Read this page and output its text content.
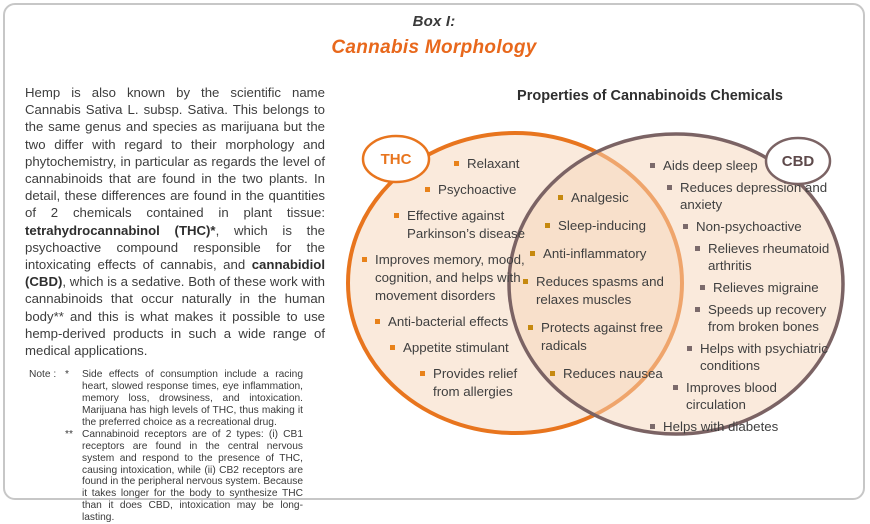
Box I:
Cannabis Morphology

Hemp is also known by the scientific name Cannabis Sativa L. subsp. Sativa. This belongs to the same genus and species as marijuana but the two differ with regard to their morphology and phytochemistry, in particular as regards the level of cannabinoids that are found in the two plants. In detail, these differences are found in the quantities of 2 chemicals contained in plant tissue: tetrahydrocannabinol (THC)*, which is the psychoactive compound responsible for the intoxicating effects of cannabis, and cannabidiol (CBD), which is a sedative. Both of these work with cannabinoids that occur naturally in the human body** and this is what makes it possible to use hemp-derived products in such a wide range of medical applications.

Note : *	Side effects of consumption include a racing heart, slowed response times, eye inflammation, memory loss, drowsiness, and intoxication. Marijuana has high levels of THC, thus making it the preferred choice as a recreational drug.
** Cannabinoid receptors are of 2 types: (i) CB1 receptors are found in the central nervous system and respond to the presence of THC, causing intoxication, while (ii) CB2 receptors are found in the peripheral nervous system. Because it takes longer for the body to synthesize THC than it does CBD, intoxication may be long-lasting.
Properties of Cannabinoids Chemicals
THC	CBD
Relaxant
Psychoactive
Effective against Parkinson’s disease
Improves memory, mood, cognition, and helps with movement disorders
Anti-bacterial effects
Appetite stimulant
Provides relief from allergies
Analgesic
Sleep-inducing
Anti-inflammatory
Reduces spasms and relaxes muscles
Protects against free radicals
Reduces nausea
Aids deep sleep
Reduces depression and anxiety
Non-psychoactive
Relieves rheumatoid arthritis
Relieves migraine
Speeds up recovery from broken bones
Helps with psychiatric conditions
Improves blood circulation
Helps with diabetes
